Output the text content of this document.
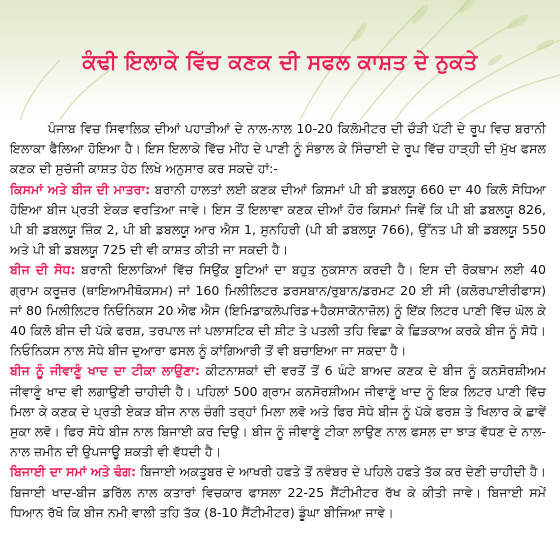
ਕੰਢੀ ਇਲਾਕੇ ਵਿੱਚ ਕਣਕ ਦੀ ਸਫਲ ਕਾਸ਼ਤ ਦੇ ਨੁਕਤੇ

ਪੰਜਾਬ ਵਿਚ ਸਿਵਾਲਿਕ ਦੀਆਂ ਪਹਾੜੀਆਂ ਦੇ ਨਾਲ-ਨਾਲ 10-20 ਕਿਲੋਮੀਟਰ ਦੀ ਚੌੜੀ ਪੱਟੀ ਦੇ ਰੂਪ ਵਿਚ ਬਰਾਨੀ ਇਲਾਕਾ ਫੈਲਿਆ ਹੋਇਆ ਹੈ। ਇਸ ਇਲਾਕੇ ਵਿੱਚ ਮੀਂਹ ਦੇ ਪਾਣੀ ਨੂੰ ਸੰਭਾਲ ਕੇ ਸਿੰਚਾਈ ਦੇ ਰੂਪ ਵਿੱਚ ਹਾੜ੍ਹੀ ਦੀ ਮੁੱਖ ਫਸਲ ਕਣਕ ਦੀ ਸੁਚੱਜੀ ਕਾਸ਼ਤ ਹੇਠ ਲਿਖੇ ਅਨੁਸਾਰ ਕਰ ਸਕਦੇ ਹਾਂ:-

ਕਿਸਮਾਂ ਅਤੇ ਬੀਜ ਦੀ ਮਾਤਰਾ: ਬਰਾਨੀ ਹਾਲਤਾਂ ਲਈ ਕਣਕ ਦੀਆਂ ਕਿਸਮਾਂ ਪੀ ਬੀ ਡਬਲਯੂ 660 ਦਾ 40 ਕਿਲੋ ਸੋਧਿਆ ਹੋਇਆ ਬੀਜ ਪ੍ਰਤੀ ਏਕੜ ਵਰਤਿਆ ਜਾਵੇ। ਇਸ ਤੋਂ ਇਲਾਵਾ ਕਣਕ ਦੀਆਂ ਹੋਰ ਕਿਸਮਾਂ ਜਿਵੇਂ ਕਿ ਪੀ ਬੀ ਡਬਲਯੂ 826, ਪੀ ਬੀ ਡਬਲਯੂ ਜ਼ਿੰਕ 2, ਪੀ ਬੀ ਡਬਲਯੂ ਆਰ ਐਸ 1, ਸੁਨਹਿਰੀ (ਪੀ ਬੀ ਡਬਲਯੂ 766), ਉੱਨਤ ਪੀ ਬੀ ਡਬਲਯੂ 550 ਅਤੇ ਪੀ ਬੀ ਡਬਲਯੂ 725 ਦੀ ਵੀ ਕਾਸ਼ਤ ਕੀਤੀ ਜਾ ਸਕਦੀ ਹੈ।

ਬੀਜ ਦੀ ਸੋਧ: ਬਰਾਨੀ ਇਲਾਕਿਆਂ ਵਿੱਚ ਸਿਉਂਕ ਬੂਟਿਆਂ ਦਾ ਬਹੁਤ ਨੁਕਸਾਨ ਕਰਦੀ ਹੈ। ਇਸ ਦੀ ਰੋਕਥਾਮ ਲਈ 40 ਗ੍ਰਾਮ ਕਰੂਜ਼ਰ (ਥਾਇਆਮੀਥੋਕਸਮ) ਜਾਂ 160 ਮਿਲੀਲਿਟਰ ਡਰਸਬਾਨ/ਰੁਬਾਨ/ਡਰਮਟ 20 ਈ ਸੀ (ਕਲੋਰਪਾਈਰੀਫਾਸ) ਜਾਂ 80 ਮਿਲੀਲਿਟਰ ਨਿਓਨਿਕਸ 20 ਐਫ ਐਸ (ਇਮਿਡਾਕਲੋਪਰਿਡ+ਹੈਕਸਾਕੋਨਾਜ਼ੋਲ) ਨੂੰ ਇੱਕ ਲਿਟਰ ਪਾਣੀ ਵਿੱਚ ਘੋਲ ਕੇ 40 ਕਿਲੋ ਬੀਜ ਦੀ ਪੱਕੇ ਫਰਸ਼, ਤਰਪਾਲ ਜਾਂ ਪਲਾਸਟਿਕ ਦੀ ਸ਼ੀਟ ਤੇ ਪਤਲੀ ਤਹਿ ਵਿਛਾ ਕੇ ਛਿੜਕਾਅ ਕਰਕੇ ਬੀਜ ਨੂੰ ਸੋਧੋ। ਨਿਓਨਿਕਸ ਨਾਲ ਸੋਧੇ ਬੀਜ ਦੁਆਰਾ ਫਸਲ ਨੂੰ ਕਾਂਗਿਆਰੀ ਤੋਂ ਵੀ ਬਚਾਇਆ ਜਾ ਸਕਦਾ ਹੈ।

ਬੀਜ ਨੂੰ ਜੀਵਾਣੂੰ ਖਾਦ ਦਾ ਟੀਕਾ ਲਾਉਣਾ: ਕੀਟਨਾਸ਼ਕਾਂ ਦੀ ਵਰਤੋਂ ਤੋਂ 6 ਘੰਟੇ ਬਾਅਦ ਕਣਕ ਦੇ ਬੀਜ ਨੂੰ ਕਨਸੋਰਸ਼ੀਅਮ ਜੀਵਾਣੂੰ ਖਾਦ ਵੀ ਲਗਾਉਣੀ ਚਾਹੀਦੀ ਹੈ। ਪਹਿਲਾਂ 500 ਗ੍ਰਾਮ ਕਨਸੋਰਸ਼ੀਅਮ ਜੀਵਾਣੂੰ ਖਾਦ ਨੂੰ ਇਕ ਲਿਟਰ ਪਾਣੀ ਵਿੱਚ ਮਿਲਾ ਕੇ ਕਣਕ ਦੇ ਪ੍ਰਤੀ ਏਕੜ ਬੀਜ ਨਾਲ ਚੰਗੀ ਤਰ੍ਹਾਂ ਮਿਲਾ ਲਵੋ ਅਤੇ ਫਿਰ ਸੋਧੇ ਬੀਜ ਨੂੰ ਪੱਕੇ ਫਰਸ਼ ਤੇ ਖਿਲਾਰ ਕੇ ਛਾਵੇਂ ਸੁਕਾ ਲਵੋ। ਫਿਰ ਸੋਧੇ ਬੀਜ ਨਾਲ ਬਿਜਾਈ ਕਰ ਦਿਉ। ਬੀਜ ਨੂੰ ਜੀਵਾਣੂੰ ਟੀਕਾ ਲਾਉਣ ਨਾਲ ਫਸਲ ਦਾ ਝਾੜ ਵੱਧਣ ਦੇ ਨਾਲ-ਨਾਲ ਜ਼ਮੀਨ ਦੀ ਉਪਜਾਊ ਸ਼ਕਤੀ ਵੀ ਵੱਧਦੀ ਹੈ।

ਬਿਜਾਈ ਦਾ ਸਮਾਂ ਅਤੇ ਢੰਗ: ਬਿਜਾਈ ਅਕਤੂਬਰ ਦੇ ਆਖਰੀ ਹਫਤੇ ਤੋਂ ਨਵੰਬਰ ਦੇ ਪਹਿਲੇ ਹਫਤੇ ਤੱਕ ਕਰ ਦੇਣੀ ਚਾਹੀਦੀ ਹੈ। ਬਿਜਾਈ ਖਾਦ-ਬੀਜ ਡਰਿੱਲ ਨਾਲ ਕਤਾਰਾਂ ਵਿਚਕਾਰ ਫਾਸਲਾ 22-25 ਸੈਂਟੀਮੀਟਰ ਰੱਖ ਕੇ ਕੀਤੀ ਜਾਵੇ। ਬਿਜਾਈ ਸਮੇਂ ਧਿਆਨ ਰੱਖੋ ਕਿ ਬੀਜ ਨਮੀ ਵਾਲੀ ਤਹਿ ਤੱਕ (8-10 ਸੈਂਟੀਮੀਟਰ) ਡੂੰਘਾ ਬੀਜਿਆ ਜਾਵੇ।
